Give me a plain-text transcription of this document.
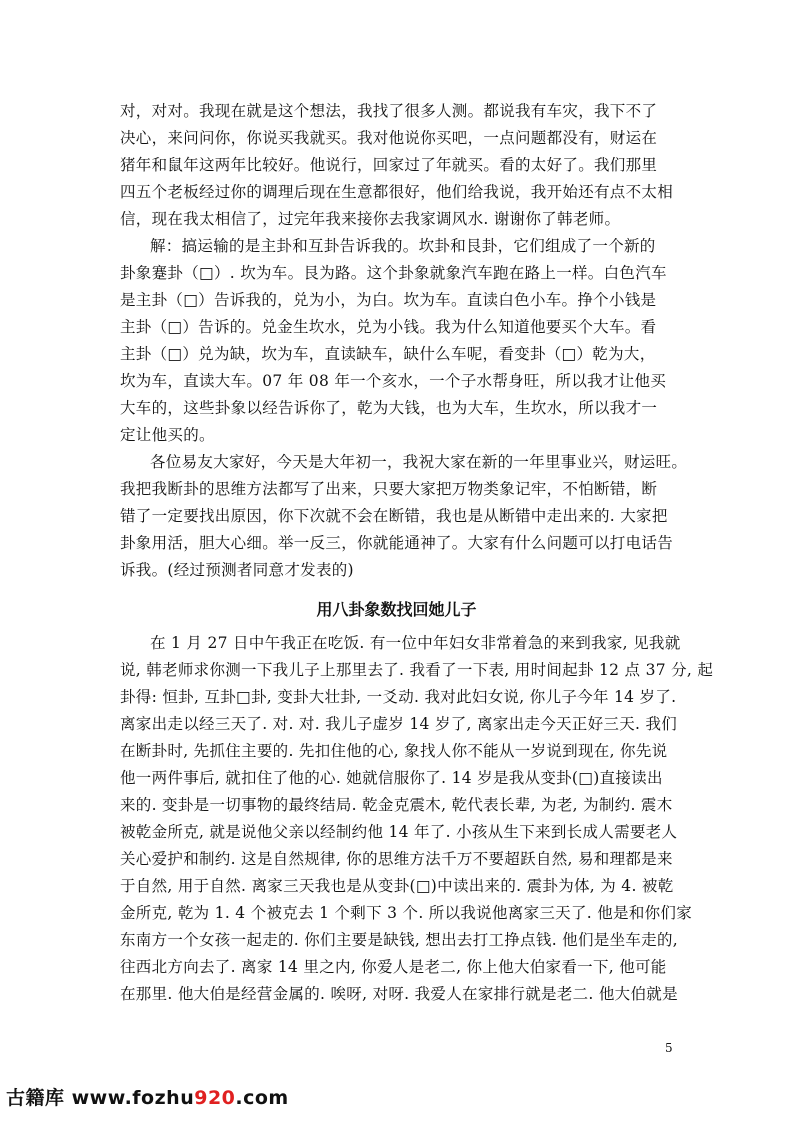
对，对对。我现在就是这个想法，我找了很多人测。都说我有车灾，我下不了
决心，来问问你，你说买我就买。我对他说你买吧，一点问题都没有，财运在
猪年和鼠年这两年比较好。他说行，回家过了年就买。看的太好了。我们那里
四五个老板经过你的调理后现在生意都很好，他们给我说，我开始还有点不太相
信，现在我太相信了，过完年我来接你去我家调风水. 谢谢你了韩老师。
解：搞运输的是主卦和互卦告诉我的。坎卦和艮卦，它们组成了一个新的
卦象蹇卦（□）. 坎为车。艮为路。这个卦象就象汽车跑在路上一样。白色汽车
是主卦（□）告诉我的，兑为小，为白。坎为车。直读白色小车。挣个小钱是
主卦（□）告诉的。兑金生坎水，兑为小钱。我为什么知道他要买个大车。看
主卦（□）兑为缺，坎为车，直读缺车，缺什么车呢，看变卦（□）乾为大，
坎为车，直读大车。07 年 08 年一个亥水，一个子水帮身旺，所以我才让他买
大车的，这些卦象以经告诉你了，乾为大钱，也为大车，生坎水，所以我才一
定让他买的。
各位易友大家好，今天是大年初一，我祝大家在新的一年里事业兴，财运旺。
我把我断卦的思维方法都写了出来，只要大家把万物类象记牢，不怕断错，断
错了一定要找出原因，你下次就不会在断错，我也是从断错中走出来的. 大家把
卦象用活，胆大心细。举一反三，你就能通神了。大家有什么问题可以打电话告
诉我。(经过预测者同意才发表的)
用八卦象数找回她儿子
在 1 月 27 日中午我正在吃饭. 有一位中年妇女非常着急的来到我家, 见我就
说, 韩老师求你测一下我儿子上那里去了. 我看了一下表, 用时间起卦 12 点 37 分, 起
卦得: 恒卦, 互卦□卦, 变卦大壮卦, 一爻动. 我对此妇女说, 你儿子今年 14 岁了.
离家出走以经三天了. 对. 对. 我儿子虚岁 14 岁了, 离家出走今天正好三天. 我们
在断卦时, 先抓住主要的. 先扣住他的心, 象找人你不能从一岁说到现在, 你先说
他一两件事后, 就扣住了他的心. 她就信服你了. 14 岁是我从变卦(□)直接读出
来的. 变卦是一切事物的最终结局. 乾金克震木, 乾代表长辈, 为老, 为制约. 震木
被乾金所克, 就是说他父亲以经制约他 14 年了. 小孩从生下来到长成人需要老人
关心爱护和制约. 这是自然规律, 你的思维方法千万不要超跃自然, 易和理都是来
于自然, 用于自然. 离家三天我也是从变卦(□)中读出来的. 震卦为体, 为 4. 被乾
金所克, 乾为 1. 4 个被克去 1 个剩下 3 个. 所以我说他离家三天了. 他是和你们家
东南方一个女孩一起走的. 你们主要是缺钱, 想出去打工挣点钱. 他们是坐车走的,
往西北方向去了. 离家 14 里之内, 你爱人是老二, 你上他大伯家看一下, 他可能
在那里. 他大伯是经营金属的. 唉呀, 对呀. 我爱人在家排行就是老二. 他大伯就是
5
古籍库 www.fozhu920.com
